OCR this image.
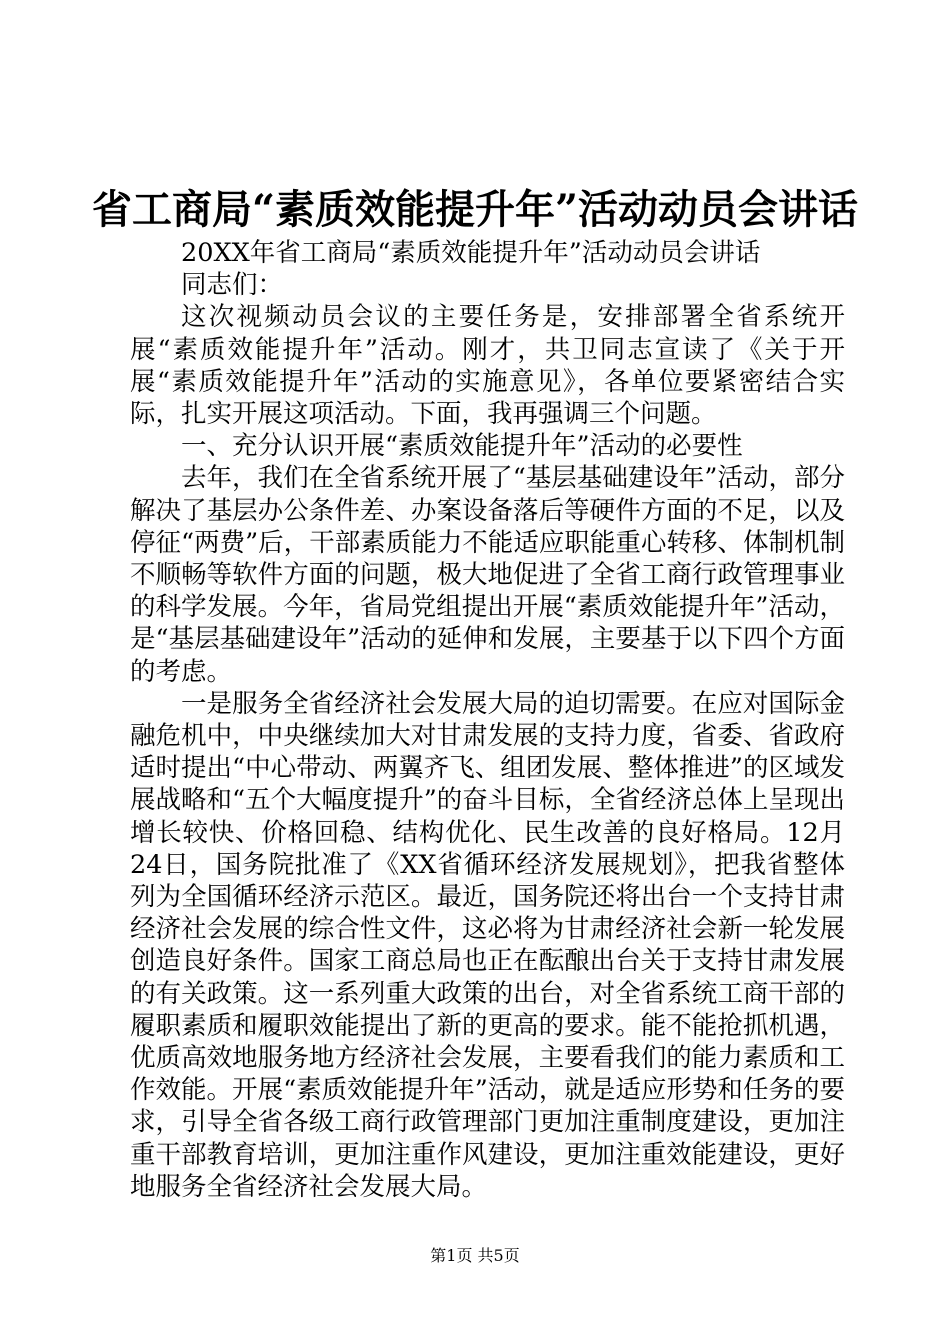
省工商局“素质效能提升年”活动动员会讲话

20XX年省工商局“素质效能提升年”活动动员会讲话

同志们：

这次视频动员会议的主要任务是，安排部署全省系统开展“素质效能提升年”活动。刚才，共卫同志宣读了《关于开展“素质效能提升年”活动的实施意见》，各单位要紧密结合实际，扎实开展这项活动。下面，我再强调三个问题。

一、充分认识开展“素质效能提升年”活动的必要性

去年，我们在全省系统开展了“基层基础建设年”活动，部分解决了基层办公条件差、办案设备落后等硬件方面的不足，以及停征“两费”后，干部素质能力不能适应职能重心转移、体制机制不顺畅等软件方面的问题，极大地促进了全省工商行政管理事业的科学发展。今年，省局党组提出开展“素质效能提升年”活动，是“基层基础建设年”活动的延伸和发展，主要基于以下四个方面的考虑。

一是服务全省经济社会发展大局的迫切需要。在应对国际金融危机中，中央继续加大对甘肃发展的支持力度，省委、省政府适时提出“中心带动、两翼齐飞、组团发展、整体推进”的区域发展战略和“五个大幅度提升”的奋斗目标，全省经济总体上呈现出增长较快、价格回稳、结构优化、民生改善的良好格局。12月24日，国务院批准了《XX省循环经济发展规划》，把我省整体列为全国循环经济示范区。最近，国务院还将出台一个支持甘肃经济社会发展的综合性文件，这必将为甘肃经济社会新一轮发展创造良好条件。国家工商总局也正在酝酿出台关于支持甘肃发展的有关政策。这一系列重大政策的出台，对全省系统工商干部的履职素质和履职效能提出了新的更高的要求。能不能抢抓机遇，优质高效地服务地方经济社会发展，主要看我们的能力素质和工作效能。开展“素质效能提升年”活动，就是适应形势和任务的要求，引导全省各级工商行政管理部门更加注重制度建设，更加注重干部教育培训，更加注重作风建设，更加注重效能建设，更好地服务全省经济社会发展大局。

第1页 共5页
